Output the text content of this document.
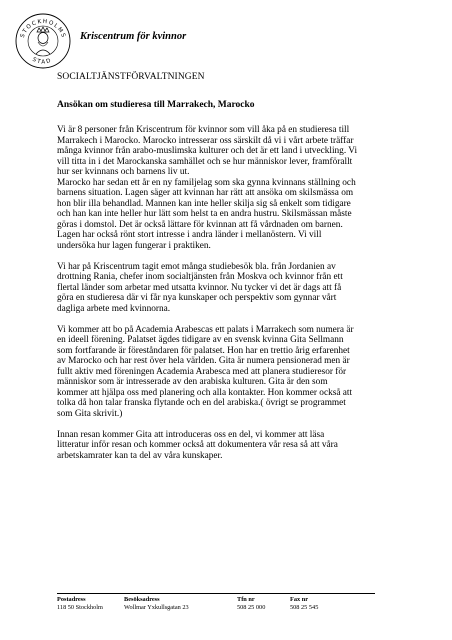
STOCKHOLMS
STAD
Kriscentrum för kvinnor
SOCIALTJÄNSTFÖRVALTNINGEN
Ansökan om studieresa till Marrakech, Marocko

Vi är 8 personer från Kriscentrum för kvinnor som vill åka på en studieresa till
Marrakech i Marocko. Marocko intresserar oss särskilt då vi i vårt arbete träffar
många kvinnor från arabo-muslimska kulturer och det är ett land i utveckling. Vi
vill titta in i det Marockanska samhället och se hur människor lever, framförallt
hur ser kvinnans och barnens liv ut.
Marocko har sedan ett år en ny familjelag som ska gynna kvinnans ställning och
barnens situation. Lagen säger att kvinnan har rätt att ansöka om skilsmässa om
hon blir illa behandlad. Mannen kan inte heller skilja sig så enkelt som tidigare
och han kan inte heller hur lätt som helst ta en andra hustru. Skilsmässan måste
göras i domstol. Det är också lättare för kvinnan att få vårdnaden om barnen.
Lagen har också rönt stort intresse i andra länder i mellanöstern. Vi vill
undersöka hur lagen fungerar i praktiken.

Vi har på Kriscentrum tagit emot många studiebesök bla. från Jordanien av
drottning Rania, chefer inom socialtjänsten från Moskva och kvinnor från ett
flertal länder som arbetar med utsatta kvinnor. Nu tycker vi det är dags att få
göra en studieresa där vi får nya kunskaper och perspektiv som gynnar vårt
dagliga arbete med kvinnorna.

Vi kommer att bo på Academia Arabescas ett palats i Marrakech som numera är
en ideell förening. Palatset ägdes tidigare av en svensk kvinna Gita Sellmann
som fortfarande är föreståndaren för palatset. Hon har en trettio årig erfarenhet
av Marocko och har rest över hela världen. Gita är numera pensionerad men är
fullt aktiv med föreningen Academia Arabesca med att planera studieresor för
människor som är intresserade av den arabiska kulturen. Gita är den som
kommer att hjälpa oss med planering och alla kontakter. Hon kommer också att
tolka då hon talar franska flytande och en del arabiska.( övrigt se programmet
som Gita skrivit.)

Innan resan kommer Gita att introduceras oss en del, vi kommer att läsa
litteratur inför resan och kommer också att dokumentera vår resa så att våra
arbetskamrater kan ta del av våra kunskaper.

Postadress
118 50 Stockholm
Besöksadress
Wollmar Yxkullsgatan 23
Tfn nr
508 25 000
Fax nr
508 25 545
